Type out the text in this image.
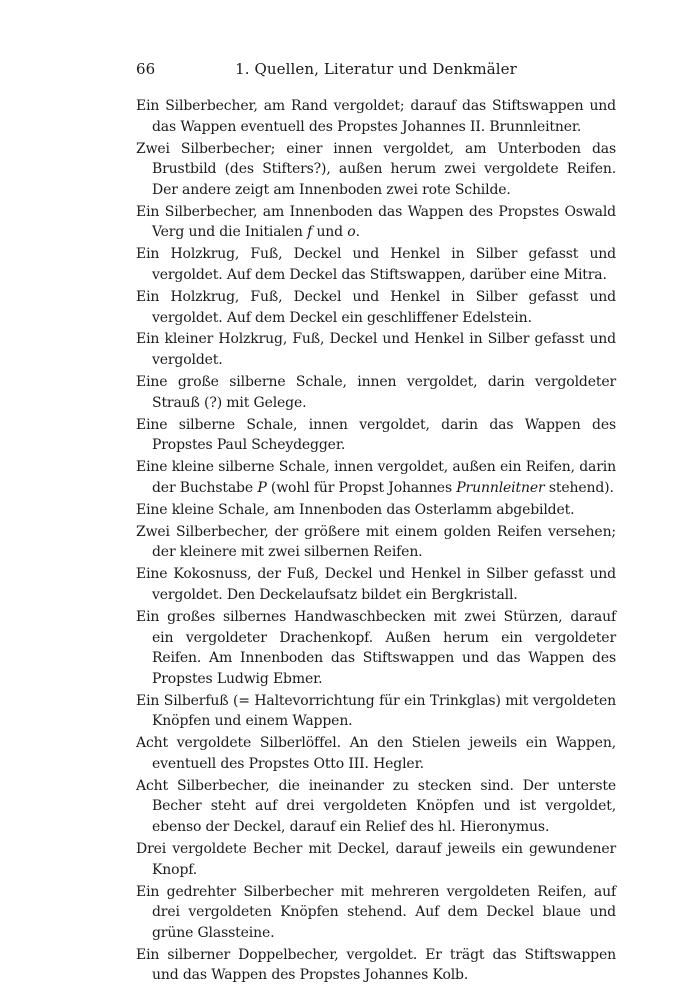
66	1. Quellen, Literatur und Denkmäler

Ein Silberbecher, am Rand vergoldet; darauf das Stiftswappen und das Wappen eventuell des Propstes Johannes II. Brunnleitner.

Zwei Silberbecher; einer innen vergoldet, am Unterboden das Brustbild (des Stifters?), außen herum zwei vergoldete Reifen. Der andere zeigt am Innenboden zwei rote Schilde.

Ein Silberbecher, am Innenboden das Wappen des Propstes Oswald Verg und die Initialen f und o.

Ein Holzkrug, Fuß, Deckel und Henkel in Silber gefasst und vergoldet. Auf dem Deckel das Stiftswappen, darüber eine Mitra.

Ein Holzkrug, Fuß, Deckel und Henkel in Silber gefasst und vergoldet. Auf dem Deckel ein geschliffener Edelstein.

Ein kleiner Holzkrug, Fuß, Deckel und Henkel in Silber gefasst und vergoldet.

Eine große silberne Schale, innen vergoldet, darin vergoldeter Strauß (?) mit Gelege.

Eine silberne Schale, innen vergoldet, darin das Wappen des Propstes Paul Scheydegger.

Eine kleine silberne Schale, innen vergoldet, außen ein Reifen, darin der Buchstabe P (wohl für Propst Johannes Prunnleitner stehend).

Eine kleine Schale, am Innenboden das Osterlamm abgebildet.

Zwei Silberbecher, der größere mit einem golden Reifen versehen; der kleinere mit zwei silbernen Reifen.

Eine Kokosnuss, der Fuß, Deckel und Henkel in Silber gefasst und vergoldet. Den Deckelaufsatz bildet ein Bergkristall.

Ein großes silbernes Handwaschbecken mit zwei Stürzen, darauf ein vergoldeter Drachenkopf. Außen herum ein vergoldeter Reifen. Am Innenboden das Stiftswappen und das Wappen des Propstes Ludwig Ebmer.

Ein Silberfuß (= Haltevorrichtung für ein Trinkglas) mit vergoldeten Knöpfen und einem Wappen.

Acht vergoldete Silberlöffel. An den Stielen jeweils ein Wappen, eventuell des Propstes Otto III. Hegler.

Acht Silberbecher, die ineinander zu stecken sind. Der unterste Becher steht auf drei vergoldeten Knöpfen und ist vergoldet, ebenso der Deckel, darauf ein Relief des hl. Hieronymus.

Drei vergoldete Becher mit Deckel, darauf jeweils ein gewundener Knopf.

Ein gedrehter Silberbecher mit mehreren vergoldeten Reifen, auf drei vergoldeten Knöpfen stehend. Auf dem Deckel blaue und grüne Glassteine.

Ein silberner Doppelbecher, vergoldet. Er trägt das Stiftswappen und das Wappen des Propstes Johannes Kolb.
